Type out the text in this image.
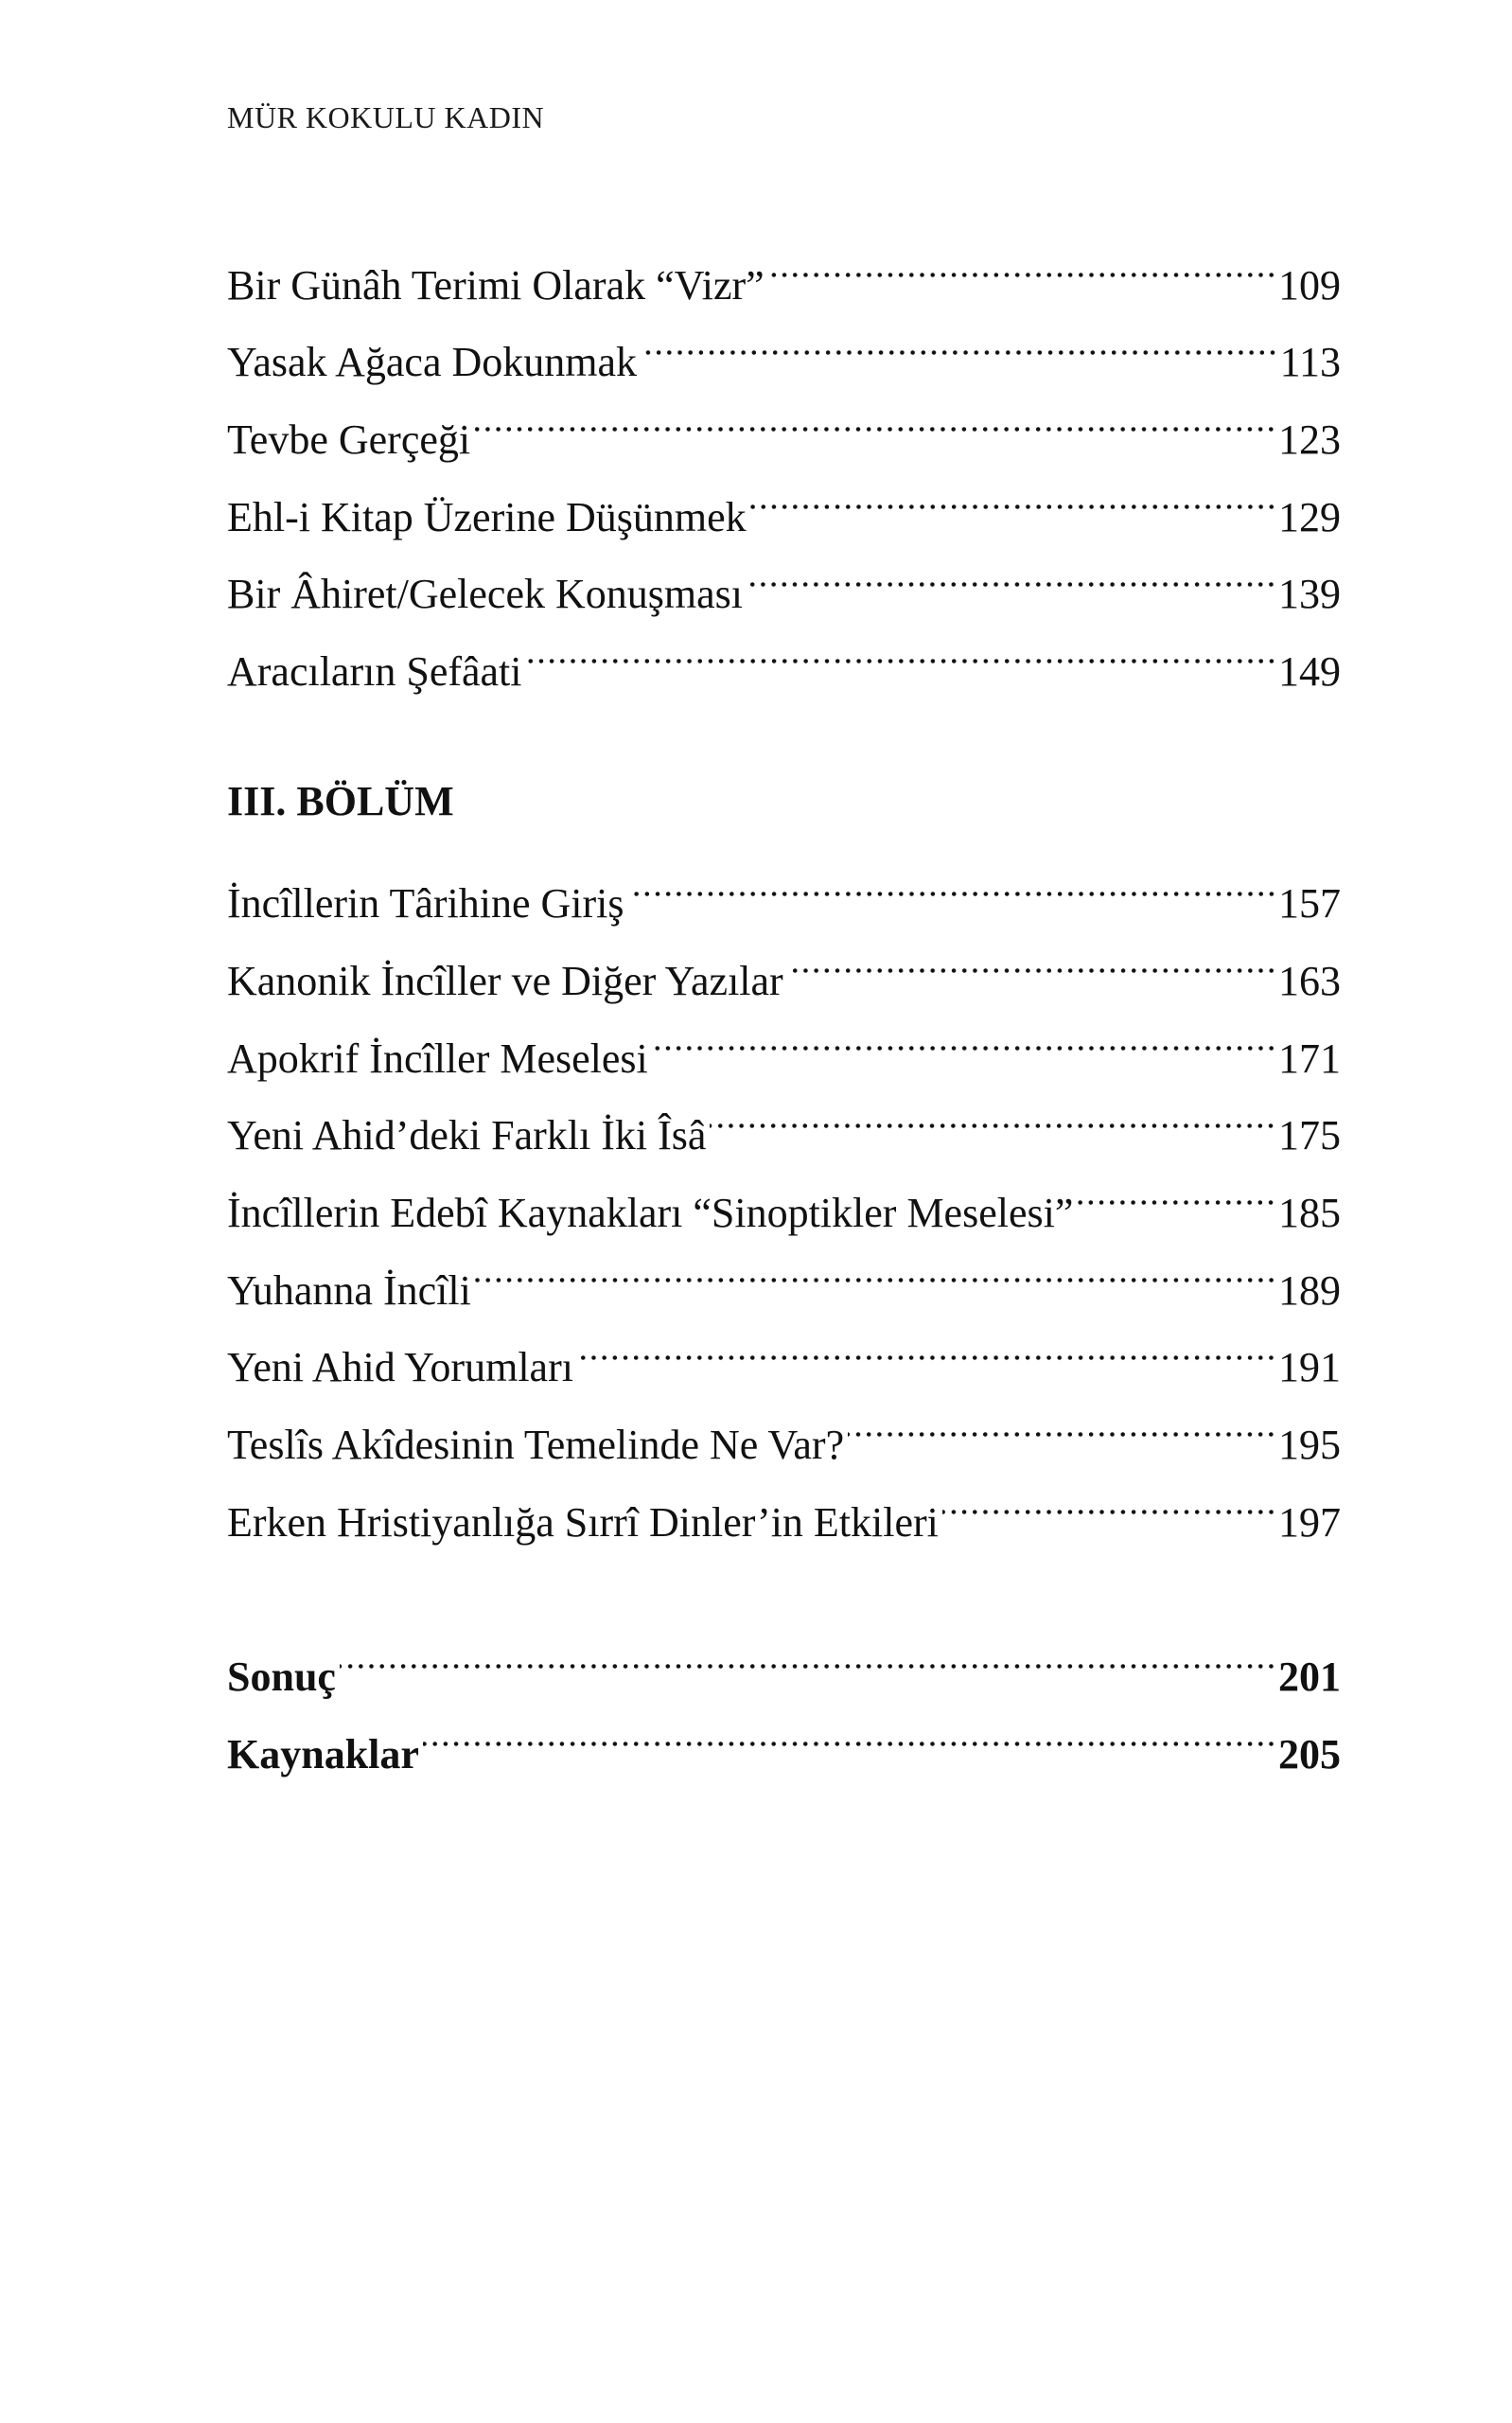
MÜR KOKULU KADIN
Bir Günâh Terimi Olarak “Vizr”	109
Yasak Ağaca Dokunmak	113
Tevbe Gerçeği	123
Ehl-i Kitap Üzerine Düşünmek	129
Bir Âhiret/Gelecek Konuşması	139
Aracıların Şefâati	149
III. BÖLÜM
İncîllerin Târihine Giriş	157
Kanonik İncîller ve Diğer Yazılar	163
Apokrif İncîller Meselesi	171
Yeni Ahid’deki Farklı İki Îsâ	175
İncîllerin Edebî Kaynakları “Sinoptikler Meselesi”	185
Yuhanna İncîli	189
Yeni Ahid Yorumları	191
Teslîs Akîdesinin Temelinde Ne Var?	195
Erken Hristiyanlığa Sırrî Dinler’in Etkileri	197
Sonuç	201
Kaynaklar	205
